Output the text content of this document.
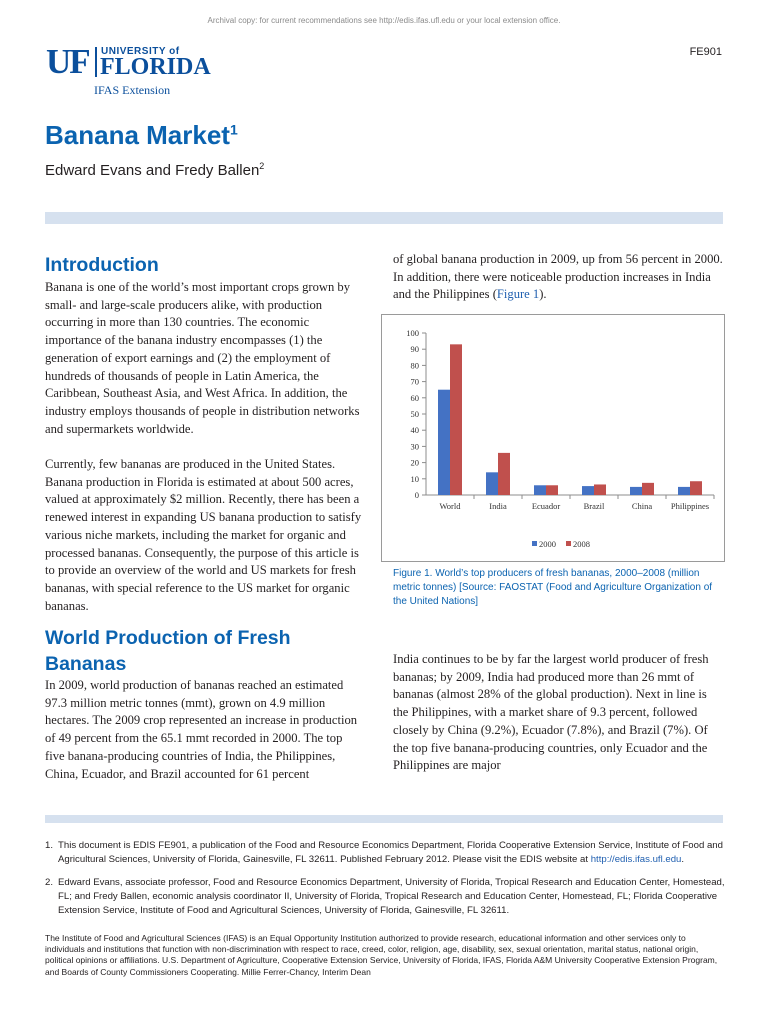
Archival copy: for current recommendations see http://edis.ifas.ufl.edu or your local extension office.
UF UNIVERSITY of
FLORIDA
IFAS Extension
FE901
Banana Market$^1$
Edward Evans and Fredy Ballen$^2$
Introduction

Banana is one of the world’s most important crops grown by small- and large-scale producers alike, with production occurring in more than 130 countries. The economic importance of the banana industry encompasses (1) the generation of export earnings and (2) the employment of hundreds of thousands of people in Latin America, the Caribbean, Southeast Asia, and West Africa. In addition, the industry employs thousands of people in distribution networks and supermarkets worldwide.

Currently, few bananas are produced in the United States. Banana production in Florida is estimated at about 500 acres, valued at approximately $2 million. Recently, there has been a renewed interest in expanding US banana production to satisfy various niche markets, including the market for organic and processed bananas. Consequently, the purpose of this article is to provide an overview of the world and US markets for fresh bananas, with special reference to the US market for organic bananas.

World Production of Fresh Bananas

In 2009, world production of bananas reached an estimated 97.3 million metric tonnes (mmt), grown on 4.9 million hectares. The 2009 crop represented an increase in production of 49 percent from the 65.1 mmt recorded in 2000. The top five banana-producing countries of India, the Philippines, China, Ecuador, and Brazil accounted for 61 percent

of global banana production in 2009, up from 56 percent in 2000. In addition, there were noticeable production increases in India and the Philippines (Figure 1).

0
10
20
30
40
50
60
70
80
90
100
World	India	Ecuador	Brazil	China Philippines
2000 2008
Figure 1. World’s top producers of fresh bananas, 2000–2008 (million metric tonnes) [Source: FAOSTAT (Food and Agriculture Organization of the United Nations]

India continues to be by far the largest world producer of fresh bananas; by 2009, India had produced more than 26 mmt of bananas (almost 28% of the global production). Next in line is the Philippines, with a market share of 9.3 percent, followed closely by China (9.2%), Ecuador (7.8%), and Brazil (7%). Of the top five banana-producing countries, only Ecuador and the Philippines are major

1. This document is EDIS FE901, a publication of the Food and Resource Economics Department, Florida Cooperative Extension Service, Institute of Food and Agricultural Sciences, University of Florida, Gainesville, FL 32611. Published February 2012. Please visit the EDIS website at http://edis.ifas.ufl.edu.
2. Edward Evans, associate professor, Food and Resource Economics Department, University of Florida, Tropical Research and Education Center, Homestead, FL; and Fredy Ballen, economic analysis coordinator II, University of Florida, Tropical Research and Education Center, Homestead, FL; Florida Cooperative Extension Service, Institute of Food and Agricultural Sciences, University of Florida, Gainesville, FL 32611.
The Institute of Food and Agricultural Sciences (IFAS) is an Equal Opportunity Institution authorized to provide research, educational information and other services only to individuals and institutions that function with non-discrimination with respect to race, creed, color, religion, age, disability, sex, sexual orientation, marital status, national origin, political opinions or affiliations. U.S. Department of Agriculture, Cooperative Extension Service, University of Florida, IFAS, Florida A&M University Cooperative Extension Program, and Boards of County Commissioners Cooperating. Millie Ferrer-Chancy, Interim Dean
